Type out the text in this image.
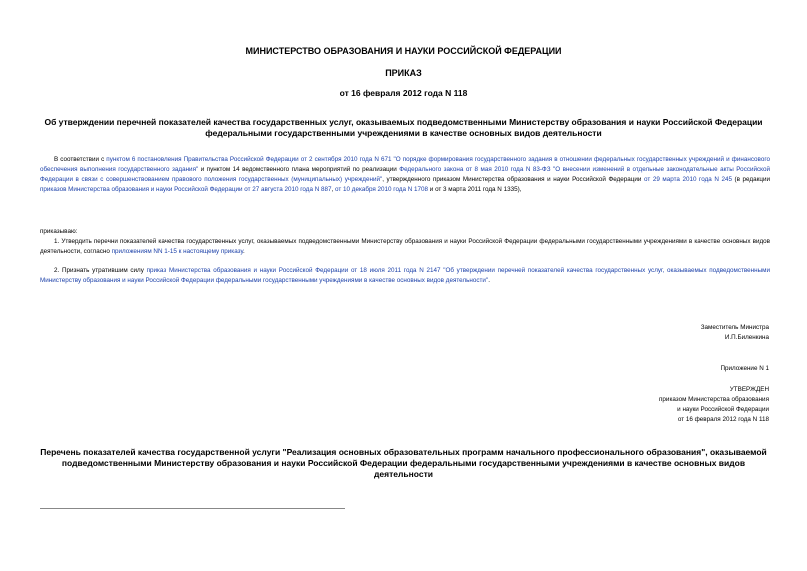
МИНИСТЕРСТВО ОБРАЗОВАНИЯ И НАУКИ РОССИЙСКОЙ ФЕДЕРАЦИИ
ПРИКАЗ
от 16 февраля 2012 года N 118
Об утверждении перечней показателей качества государственных услуг, оказываемых подведомственными Министерству образования и науки Российской Федерации федеральными государственными учреждениями в качестве основных видов деятельности
В соответствии с пунктом 6 постановления Правительства Российской Федерации от 2 сентября 2010 года N 671 "О порядке формирования государственного задания в отношении федеральных государственных учреждений и финансового обеспечения выполнения государственного задания" и пунктом 14 ведомственного плана мероприятий по реализации Федерального закона от 8 мая 2010 года N 83-ФЗ "О внесении изменений в отдельные законодательные акты Российской Федерации в связи с совершенствованием правового положения государственных (муниципальных) учреждений", утвержденного приказом Министерства образования и науки Российской Федерации от 29 марта 2010 года N 245 (в редакции приказов Министерства образования и науки Российской Федерации от 27 августа 2010 года N 887, от 10 декабря 2010 года N 1708 и от 3 марта 2011 года N 1335),
приказываю:
1. Утвердить перечни показателей качества государственных услуг, оказываемых подведомственными Министерству образования и науки Российской Федерации федеральными государственными учреждениями в качестве основных видов деятельности, согласно приложениям NN 1-15 к настоящему приказу.
2. Признать утратившим силу приказ Министерства образования и науки Российской Федерации от 18 июля 2011 года N 2147 "Об утверждении перечней показателей качества государственных услуг, оказываемых подведомственными Министерству образования и науки Российской Федерации федеральными государственными учреждениями в качестве основных видов деятельности".
Заместитель Министра
И.П.Биленкина
Приложение N 1
УТВЕРЖДЕН
приказом Министерства образования
и науки Российской Федерации
от 16 февраля 2012 года N 118
Перечень показателей качества государственной услуги "Реализация основных образовательных программ начального профессионального образования", оказываемой подведомственными Министерству образования и науки Российской Федерации федеральными государственными учреждениями в качестве основных видов деятельности
